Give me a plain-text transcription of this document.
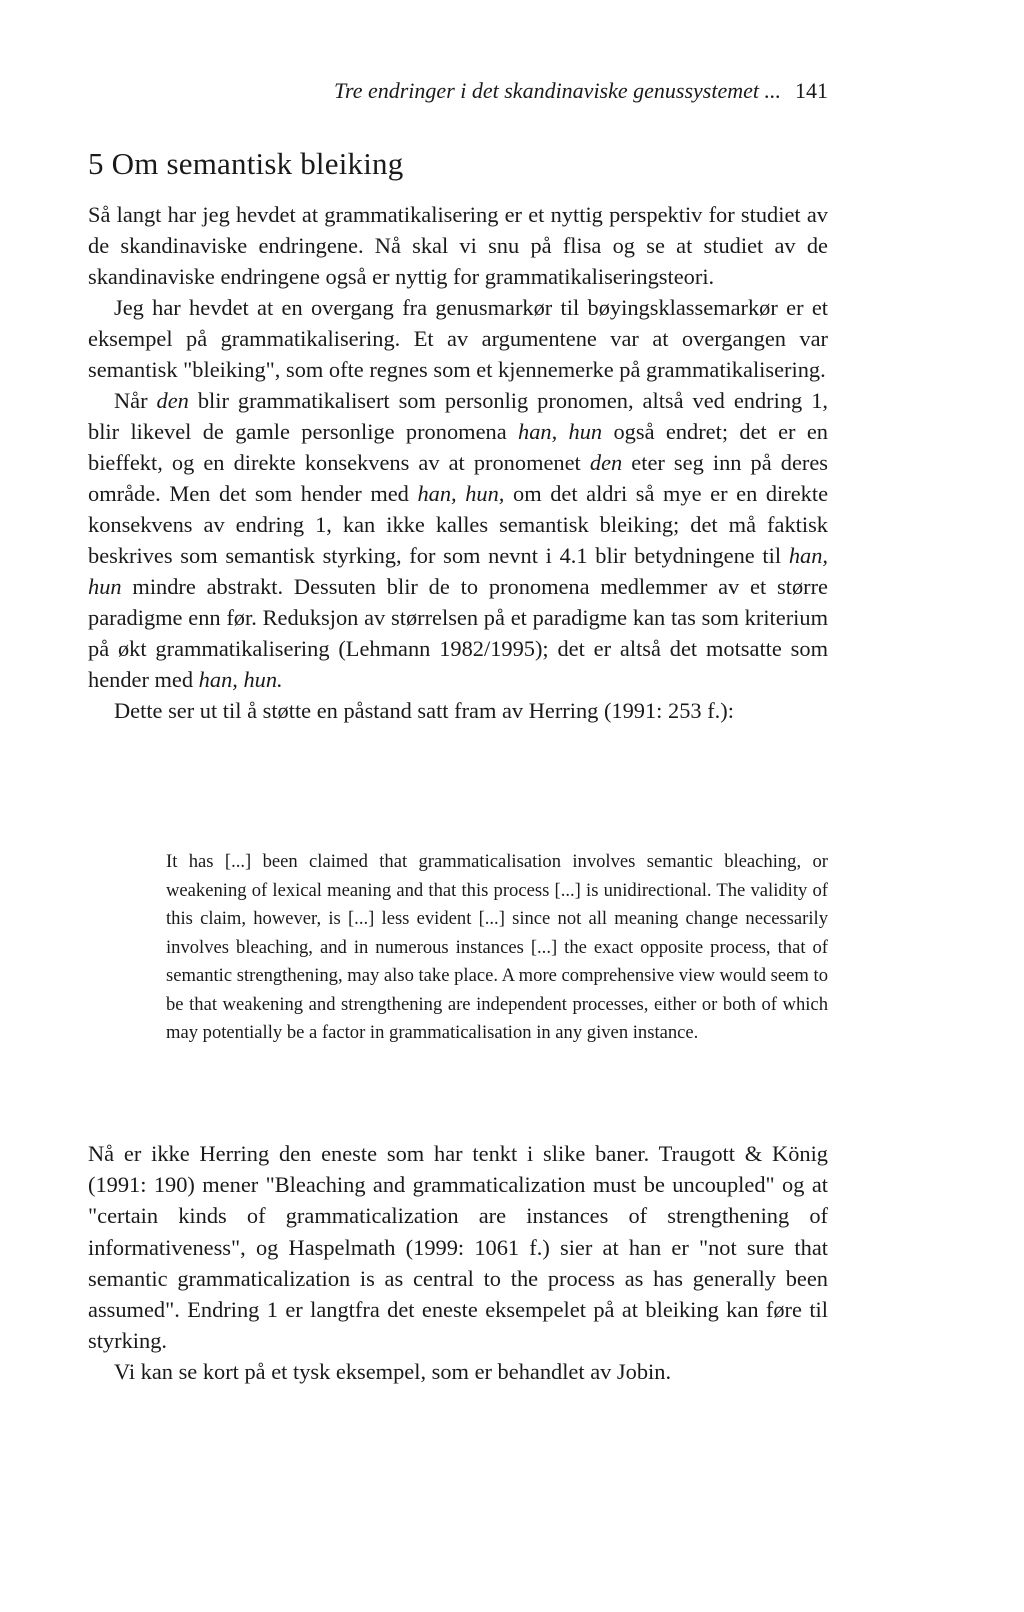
Tre endringer i det skandinaviske genussystemet ... 141
5 Om semantisk bleiking

Så langt har jeg hevdet at grammatikalisering er et nyttig perspektiv for studiet av de skandinaviske endringene. Nå skal vi snu på flisa og se at studiet av de skandinaviske endringene også er nyttig for grammatikaliseringsteori.

Jeg har hevdet at en overgang fra genusmarkør til bøyingsklassemarkør er et eksempel på grammatikalisering. Et av argumentene var at overgangen var semantisk "bleiking", som ofte regnes som et kjennemerke på grammatikalisering.

Når den blir grammatikalisert som personlig pronomen, altså ved endring 1, blir likevel de gamle personlige pronomena han, hun også endret; det er en bieffekt, og en direkte konsekvens av at pronomenet den eter seg inn på deres område. Men det som hender med han, hun, om det aldri så mye er en direkte konsekvens av endring 1, kan ikke kalles semantisk bleiking; det må faktisk beskrives som semantisk styrking, for som nevnt i 4.1 blir betydningene til han, hun mindre abstrakt. Dessuten blir de to pronomena medlemmer av et større paradigme enn før. Reduksjon av størrelsen på et paradigme kan tas som kriterium på økt grammatikalisering (Lehmann 1982/1995); det er altså det motsatte som hender med han, hun.

Dette ser ut til å støtte en påstand satt fram av Herring (1991: 253 f.):

It has [...] been claimed that grammaticalisation involves semantic bleaching, or weakening of lexical meaning and that this process [...] is unidirectional. The validity of this claim, however, is [...] less evident [...] since not all meaning change necessarily involves bleaching, and in numerous instances [...] the exact opposite process, that of semantic strengthening, may also take place. A more comprehensive view would seem to be that weakening and strengthening are independent processes, either or both of which may potentially be a factor in grammaticalisation in any given instance.

Nå er ikke Herring den eneste som har tenkt i slike baner. Traugott & König (1991: 190) mener "Bleaching and grammaticalization must be uncoupled" og at "certain kinds of grammaticalization are instances of strengthening of informativeness", og Haspelmath (1999: 1061 f.) sier at han er "not sure that semantic grammaticalization is as central to the process as has generally been assumed". Endring 1 er langtfra det eneste eksempelet på at bleiking kan føre til styrking.

Vi kan se kort på et tysk eksempel, som er behandlet av Jobin.
